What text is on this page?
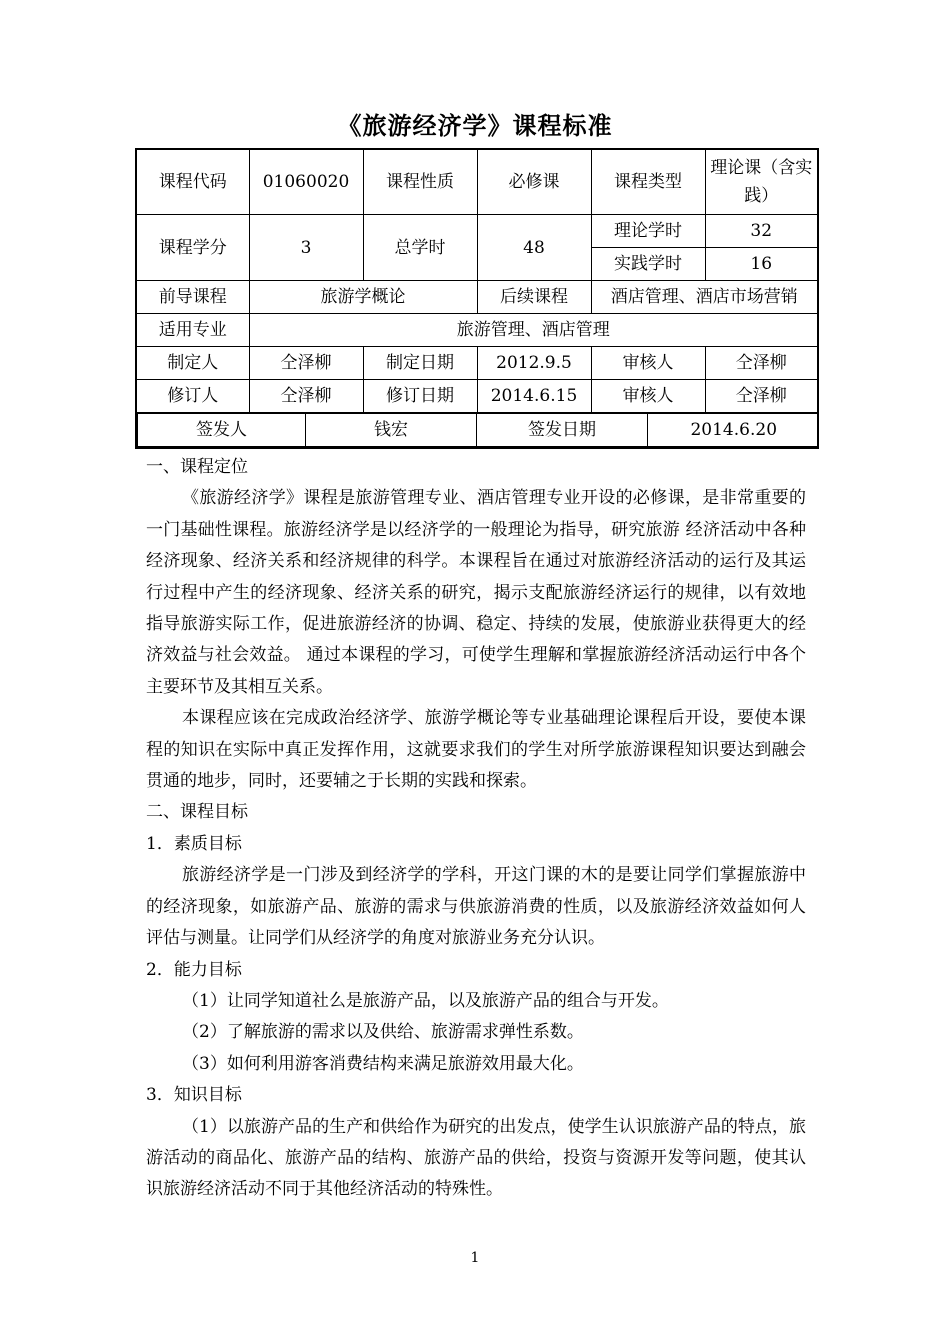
《旅游经济学》课程标准
课程代码	01060020	课程性质	必修课	课程类型	理论课（含实践）
课程学分	3	总学时	48	理论学时	32
实践学时	16
前导课程	旅游学概论	后续课程	酒店管理、酒店市场营销
适用专业	旅游管理、酒店管理
制定人	仝泽柳	制定日期	2012.9.5	审核人	仝泽柳
修订人	仝泽柳	修订日期	2014.6.15	审核人	仝泽柳

签发人	钱宏	签发日期	2014.6.20

一、课程定位

《旅游经济学》课程是旅游管理专业、酒店管理专业开设的必修课，是非常重要的一门基础性课程。旅游经济学是以经济学的一般理论为指导，研究旅游 经济活动中各种经济现象、经济关系和经济规律的科学。本课程旨在通过对旅游经济活动的运行及其运行过程中产生的经济现象、经济关系的研究，揭示支配旅游经济运行的规律，以有效地指导旅游实际工作，促进旅游经济的协调、稳定、持续的发展，使旅游业获得更大的经济效益与社会效益。 通过本课程的学习，可使学生理解和掌握旅游经济活动运行中各个主要环节及其相互关系。

本课程应该在完成政治经济学、旅游学概论等专业基础理论课程后开设，要使本课程的知识在实际中真正发挥作用，这就要求我们的学生对所学旅游课程知识要达到融会贯通的地步，同时，还要辅之于长期的实践和探索。

二、课程目标

1．素质目标

旅游经济学是一门涉及到经济学的学科，开这门课的木的是要让同学们掌握旅游中的经济现象，如旅游产品、旅游的需求与供旅游消费的性质，以及旅游经济效益如何人评估与测量。让同学们从经济学的角度对旅游业务充分认识。

2．能力目标

（1）让同学知道社么是旅游产品，以及旅游产品的组合与开发。

（2）了解旅游的需求以及供给、旅游需求弹性系数。

（3）如何利用游客消费结构来满足旅游效用最大化。

3．知识目标

（1）以旅游产品的生产和供给作为研究的出发点，使学生认识旅游产品的特点，旅游活动的商品化、旅游产品的结构、旅游产品的供给，投资与资源开发等问题，使其认识旅游经济活动不同于其他经济活动的特殊性。

1
